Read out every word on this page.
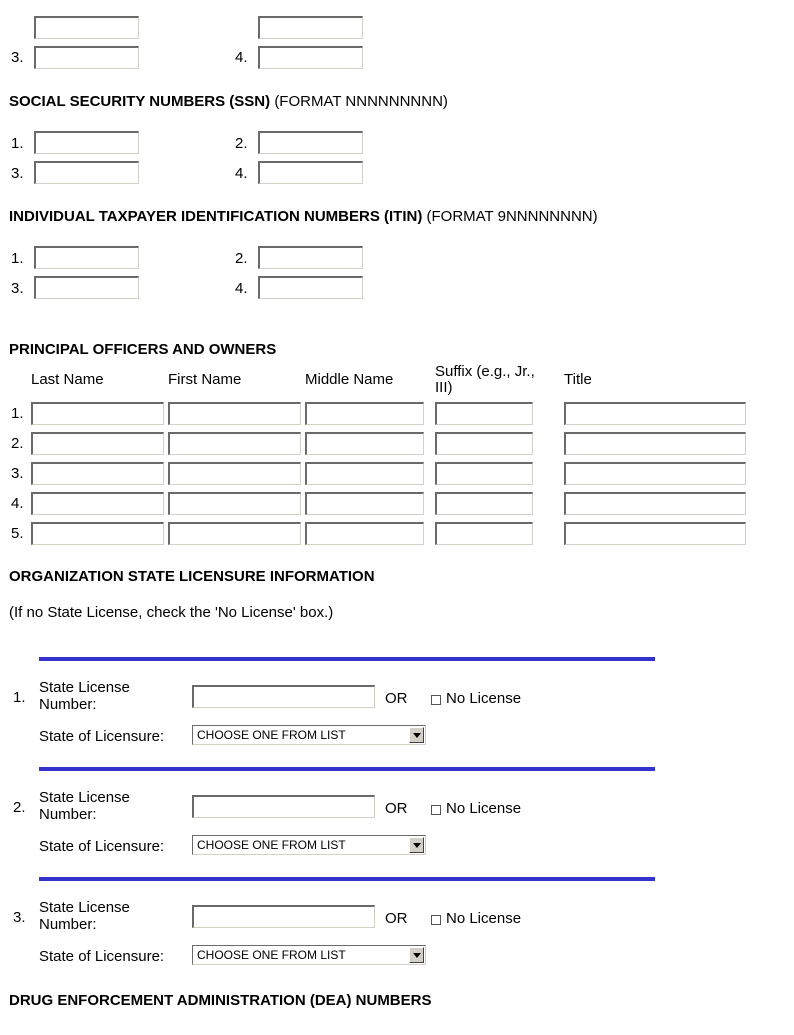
3.	4.
SOCIAL SECURITY NUMBERS (SSN) (FORMAT NNNNNNNNN)
1.	2.
3.	4.
INDIVIDUAL TAXPAYER IDENTIFICATION NUMBERS (ITIN) (FORMAT 9NNNNNNNN)
1.	2.
3.	4.
PRINCIPAL OFFICERS AND OWNERS
Last Name	First Name	Middle Name	Suffix (e.g., Jr., III)	Title
1.
2.
3.
4.
5.
ORGANIZATION STATE LICENSURE INFORMATION
(If no State License, check the 'No License' box.)
1.
State License Number:	OR	No License
State of Licensure:	CHOOSE ONE FROM LIST
2.
State License Number:	OR	No License
State of Licensure:	CHOOSE ONE FROM LIST
3.
State License Number:	OR	No License
State of Licensure:	CHOOSE ONE FROM LIST
DRUG ENFORCEMENT ADMINISTRATION (DEA) NUMBERS
